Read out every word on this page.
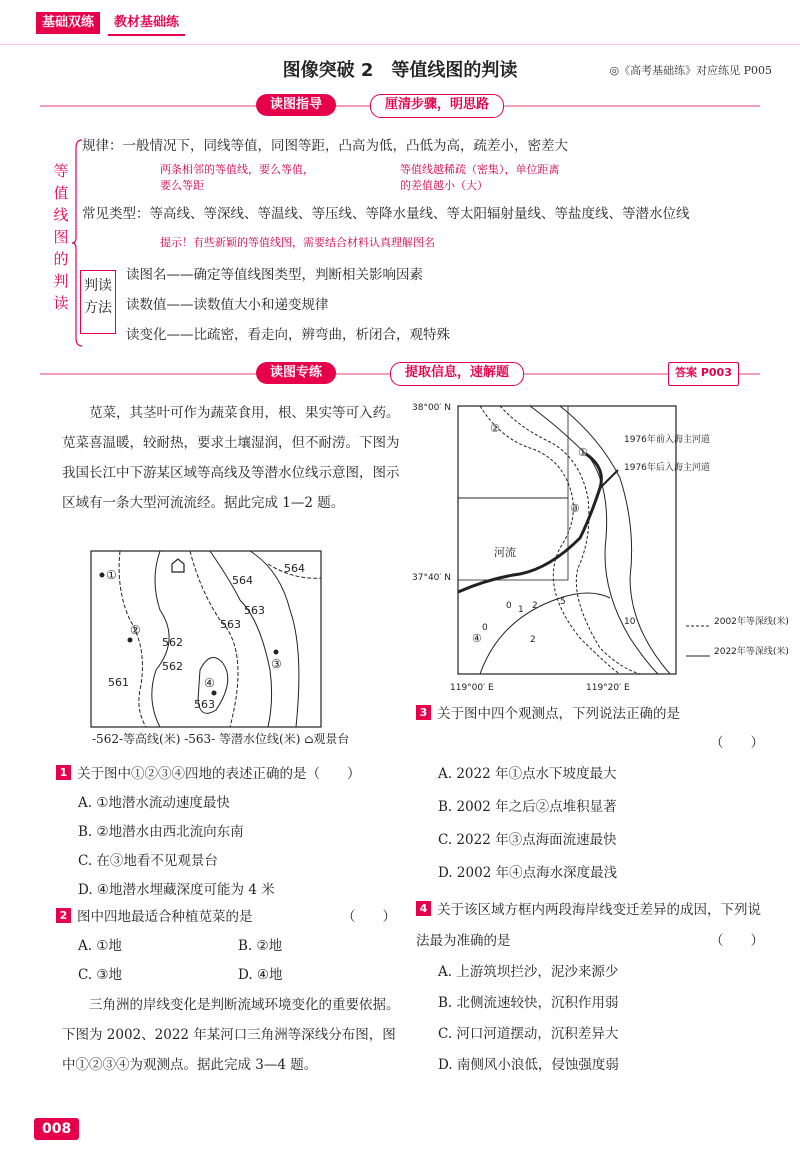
基础双练	教材基础练
图像突破 2　等值线图的判读	◎《高考基础练》对应练见 P005
读图指导	厘清步骤，明思路
等
值
线
图
的
判
读
规律：一般情况下，同线等值，同图等距，凸高为低，凸低为高，疏差小，密差大
两条相邻的等值线，要么等值，要么等距
等值线越稀疏（密集），单位距离的差值越小（大）
常见类型：等高线、等深线、等温线、等压线、等降水量线、等太阳辐射量线、等盐度线、等潜水位线
提示！有些新颖的等值线图，需要结合材料认真理解图名
判读方法
读图名——确定等值线图类型，判断相关影响因素
读数值——读数值大小和递变规律
读变化——比疏密，看走向，辨弯曲，析闭合，观特殊
读图专练	提取信息，速解题	答案 P003
苋菜，其茎叶可作为蔬菜食用，根、果实等可入药。苋菜喜温暖，较耐热，要求土壤湿润，但不耐涝。下图为我国长江中下游某区域等高线及等潜水位线示意图，图示区域有一条大型河流流经。据此完成 1—2 题。
564
564
563
563
562
562
561
563
①
②
③
④
-562-等高线(米) -563- 等潜水位线(米) ⌂观景台
1 关于图中①②③④四地的表述正确的是（　　）
A. ①地潜水流动速度最快
B. ②地潜水由西北流向东南
C. 在③地看不见观景台
D. ④地潜水埋藏深度可能为 4 米
2 图中四地最适合种植苋菜的是	（　　）
A. ①地	B. ②地
C. ③地	D. ④地
三角洲的岸线变化是判断流域环境变化的重要依据。下图为 2002、2022 年某河口三角洲等深线分布图，图中①②③④为观测点。据此完成 3—4 题。
38°00′ N
37°40′ N
119°00′ E	119°20′ E
河流
1976年前入海主河道
1976年后入海主河道
2002年等深线(米)
2022年等深线(米)
0 1 2 5
10
0
2
①
②
③
④
3 关于图中四个观测点，下列说法正确的是
（　　）
A. 2022 年①点水下坡度最大
B. 2002 年之后②点堆积显著
C. 2022 年③点海面流速最快
D. 2002 年④点海水深度最浅
4 关于该区域方框内两段海岸线变迁差异的成因，下列说法最为准确的是	（　　）
A. 上游筑坝拦沙，泥沙来源少
B. 北侧流速较快，沉积作用弱
C. 河口河道摆动，沉积差异大
D. 南侧风小浪低，侵蚀强度弱
008
